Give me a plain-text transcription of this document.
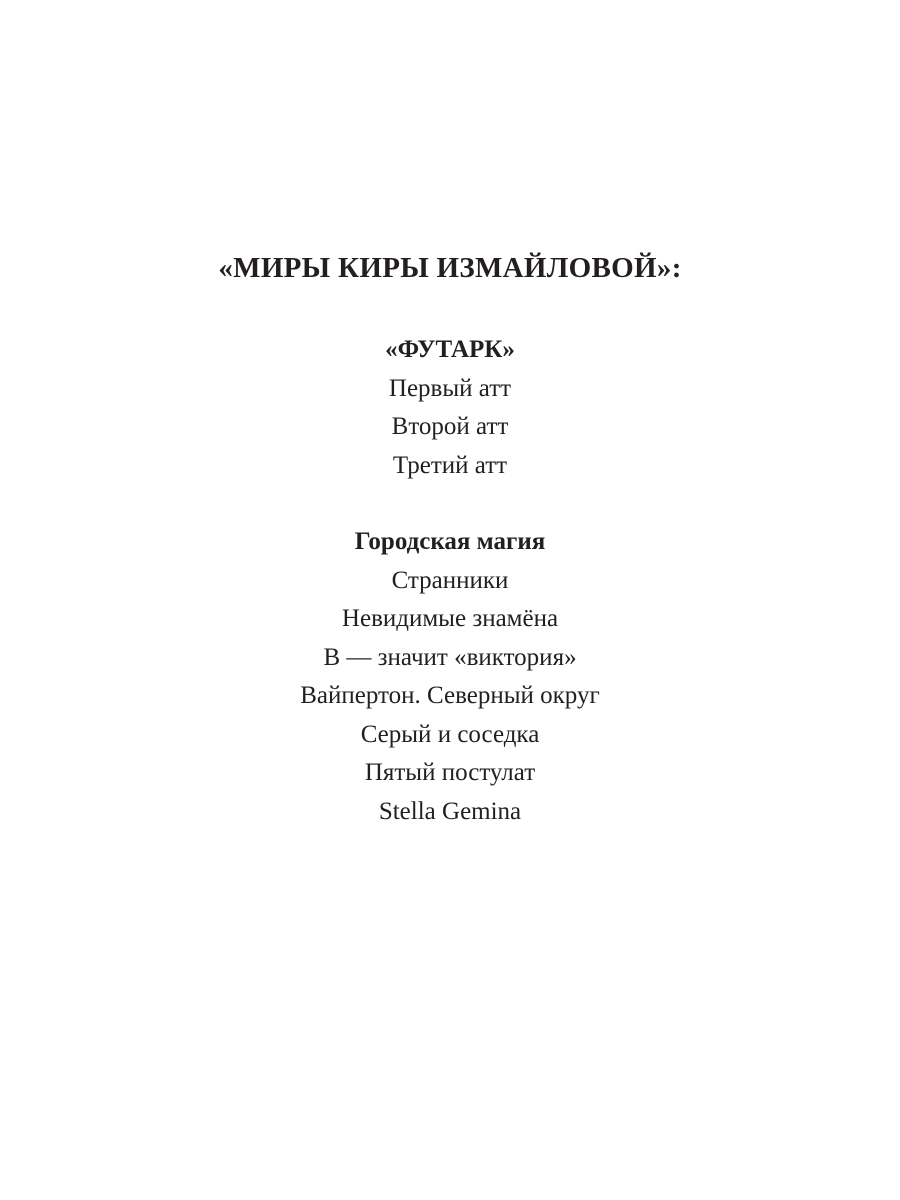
«МИРЫ КИРЫ ИЗМАЙЛОВОЙ»:
«ФУТАРК»
Первый атт
Второй атт
Третий атт
Городская магия
Странники
Невидимые знамёна
В — значит «виктория»
Вайпертон. Северный округ
Серый и соседка
Пятый постулат
Stella Gemina
